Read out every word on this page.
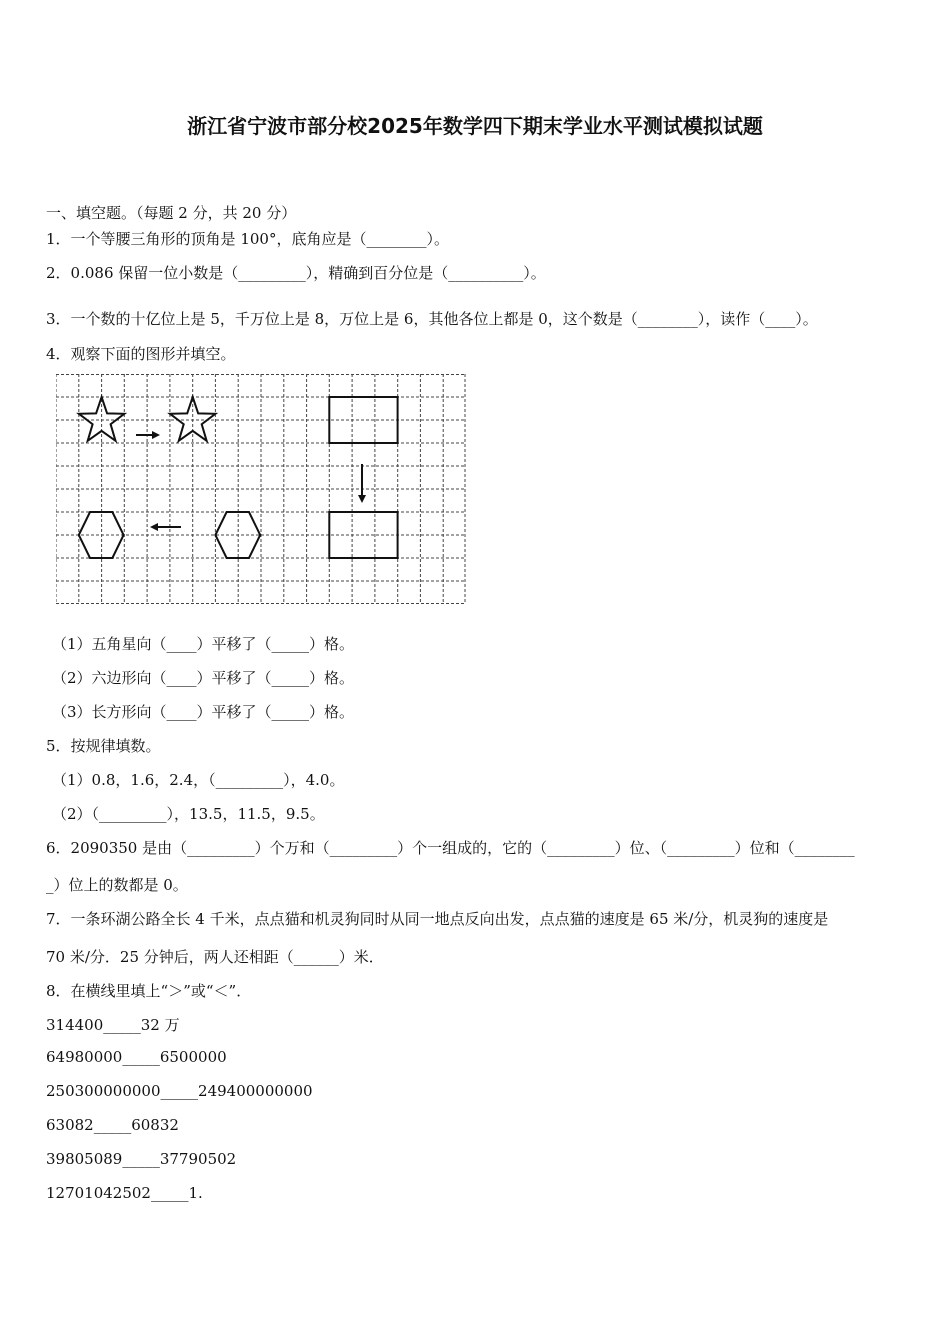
浙江省宁波市部分校2025年数学四下期末学业水平测试模拟试题
一、填空题。（每题 2 分，共 20 分）
1．一个等腰三角形的顶角是 100°，底角应是（________）。
2．0.086 保留一位小数是（_________），精确到百分位是（__________）。
3．一个数的十亿位上是 5，千万位上是 8，万位上是 6，其他各位上都是 0，这个数是（________），读作（____）。
4．观察下面的图形并填空。
（1）五角星向（____）平移了（_____）格。
（2）六边形向（____）平移了（_____）格。
（3）长方形向（____）平移了（_____）格。
5．按规律填数。
（1）0.8，1.6，2.4，（_________），4.0。
（2）（_________），13.5，11.5，9.5。
6．2090350 是由（_________）个万和（_________）个一组成的，它的（_________）位、（_________）位和（________
_）位上的数都是 0。
7．一条环湖公路全长 4 千米，点点猫和机灵狗同时从同一地点反向出发，点点猫的速度是 65 米/分，机灵狗的速度是
70 米/分．25 分钟后，两人还相距（______）米．
8．在横线里填上“＞”或“＜”．
314400_____32 万
64980000_____6500000
250300000000_____249400000000
63082_____60832
39805089_____37790502
12701042502_____1.
